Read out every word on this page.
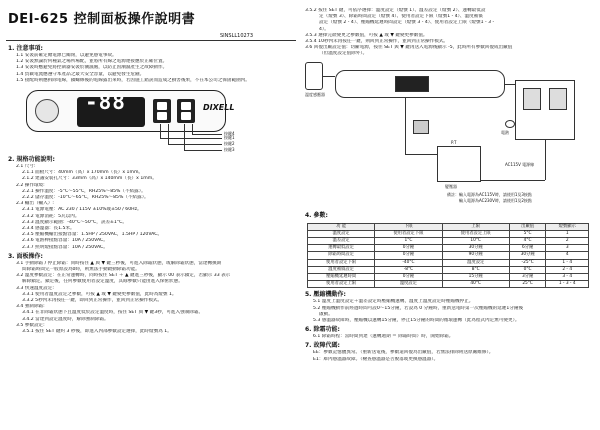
DEI-625 控制面板操作說明書
SINSLL10273
1. 注意事項:
1.1 安裝前確定總電源已關閉，以避免感電事故。
1.2 安裝無論於何種氣之場所場配，並將所有線之電源連接應於正確位置。
1.3 安裝時應避免將控制器安裝於潮濕處，以防止因潮濕產生之故障動作。
1.4 負載電流應遵守本產品之最大安全容量，以避免發生危險。
1.5 接配時則應拆除電線，鎖螺絲後的電線露出來時，若因施工錯誤而造成之損害後果，不在本公司之保固範圍內。
-88	DIXELL
按鍵4
按鍵1
按鍵2
按鍵3
2. 規格功能說明:
2.1 尺寸:
2.1.1 面板尺寸：40mm（高）x 170mm（長）x 1mm。
2.1.2 建議安裝孔尺寸：33mm（高）x 140mm（長）x 1mm。
2.2 操作環境:
2.2.1 操作溫度：-5°C～55°C，RH25%～85%（不結露）。
2.2.2 儲存溫度：-10°C～65°C，RH25%～85%（不結露）。
2.3 輸出（輸入）:
2.3.1 電源電壓：AC 230 / 115V ±10%或±50 / 60Hz。
2.3.2 電源消耗：5瓦以內。
2.3.3 溫度顯示範圍：-40°C～50°C，誤差±1°C。
2.3.4 感溫器：長1.5米。
2.3.5 壓縮機輸出接點容量：1.5HP / 250VAC，1.5HP / 120VAC。
2.3.6 電熱棒接點容量：10A / 250VAC。
2.3.7 照明燈接點容量：10A / 250VAC。
3. 面板操作:
3.1 手動除霜 / 停止除霜：同時按住 ▲ 與 ▼ 鍵三秒後，可進入除霜狀態，或解除霜狀態，當達轉換期
間除霜時間完一般原設為0時，則無法手動啟動除霜功能。
3.2 溫度參數設定：在正常運轉時，同時按住 SET ＋ ▲ 鍵進三秒後，顯示 00 表示鎖定，若顯示 33 表示
解除鎖定。鎖定後，任何參數使用者設定溫度，其餘參數只能由進入保密狀態。
3.3 快速溫度設定:
3.3.1 使用者溫度設定之參數，可按 ▲ 或 ▼ 鍵變更參數值，此時為燈號 1。
3.3.2 5秒內未再按任一鍵，即回到正常操作，並回到正常操作模式。
3.4 強制除霜:
3.4.1 在非除霜狀態下且溫度低於設定溫度時，按住 SET 與 ▼ 鍵3秒，可進入強制除霜。
3.4.2 當達到設定溫度時，解除強制除霜。
3.5 參數設定:
3.5.1 按住 SET 鍵約 3 秒後，即進入內部參數設定選擇，此時燈號為 1。
3.5.2 按住 SET 鍵，可依序選擇：溫度設定（燈號 1）、溫差設定（燈號 2）、運轉最低設
定（燈號 3）、除霜時間設定（燈號 4）、使用者設定下限（燈號1 - 4）、溫度補償
設定（燈號 2 - 4）、壓縮機延遲時間設定（燈號 3 - 4）、使用者設定上限（燈號1 - 3 -
4）。
3.5.3 選擇完欲變更之參數值，可按 ▲ 或 ▼ 鍵變更參數值。
3.5.4 10秒內未再按任一鍵，則回到正常操作，並回到正常操作模式。
3.6 回復出廠設定值：切斷電源，按住 SET 與 ▼ 鍵再送入電源後顯示 -5，此時所有參數回復成出廠值
（但溫度設定值除外）。
溫度感應器
電熱
P.T
變壓器
AC115V 電源線
備註：輸入電源為AC115V時，請使用1及3接點
輸入電源為AC230V時，請使用1及2接點
4. 參數:
功 能	下限	上限	出廠值	燈號顯示
溫度設定	使用者設定下限	使用者設定上限	5°C	1
溫差設定	1°C	10°C	4°C	2
運轉最低設定	0分鐘	30分鐘	6分鐘	3
除霜時間設定	0分鐘	90分鐘	30分鐘	4
使用者設定下限	-40°C	溫度設定	-25°C	1 - 4
溫度補償設定	-8°C	8°C	0°C	2 - 4
壓縮機延遲時間	0分鐘	15分鐘	3分鐘	3 - 4
使用者設定上限	溫度設定	40°C	25°C	1 - 3 - 4
5. 壓縮機動作:
5.1 溫度上溫度設定＋溫差設定時壓縮機運轉，溫度上溫度設定時壓縮機停止。
5.2 壓縮機動作前經過時間可設0～15分鐘，若設為 0 分鐘時，重新送電時第一次壓縮機的延遲1分鐘後
啟動。
5.3 感溫器故障時，壓縮機以運轉15分鐘，停止15分鐘的時間的循環運轉（此為程式內定無可變更）。
6. 除霜功能:
6.1 除霜時程：當時間到達（運轉週期 ＝ 除霜時間）時，開始除霜。
7. 故障代碼:
EE：參數記憶體異常。（重新送電後，參數還回復為出廠值，若無法排除則送原廠維修）。
E1：庫內感溫器故障。（檢查感溫器是否脫落或更換感溫器）。
